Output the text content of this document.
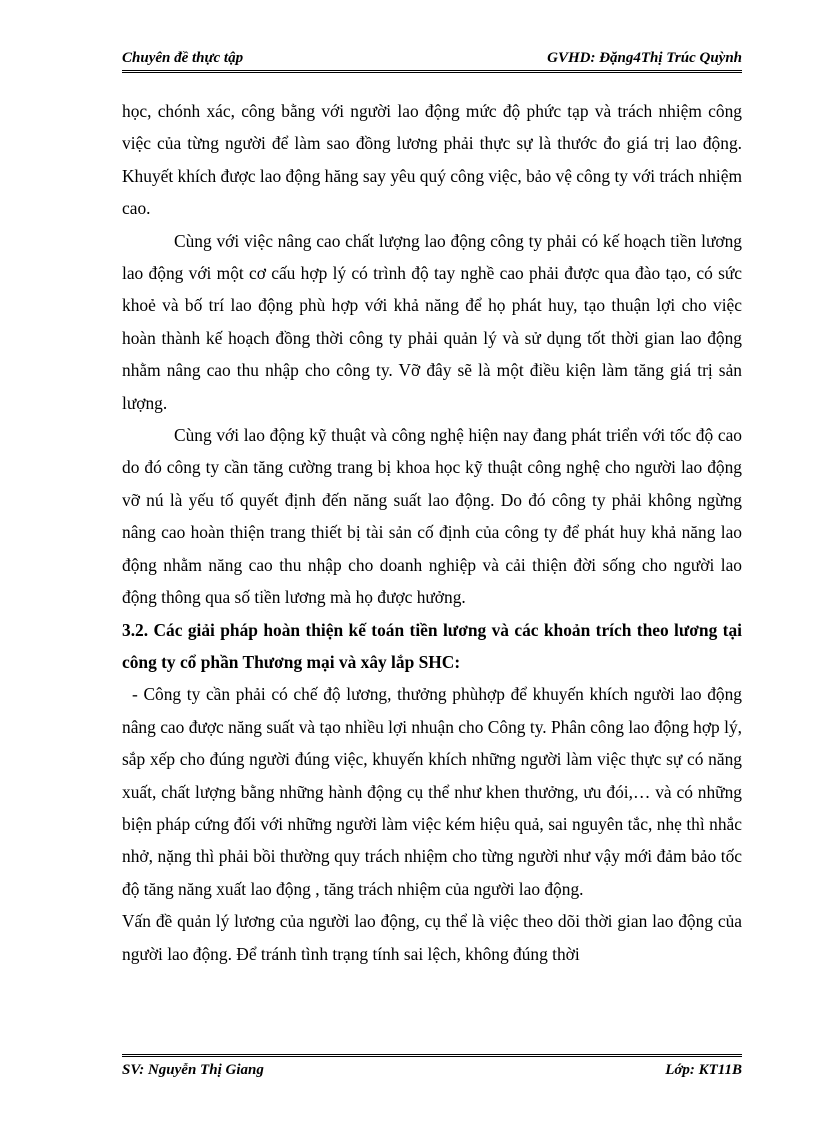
Chuyên đề thực tập	GVHD: Đặng4Thị Trúc Quỳnh

học, chónh xác, công bằng với người lao động mức độ phức tạp và trách nhiệm công việc của từng người để làm sao đồng lương phải thực sự là thước đo giá trị lao động. Khuyết khích được lao động hăng say yêu quý công việc, bảo vệ công ty với trách nhiệm cao.

Cùng với việc nâng cao chất lượng lao động công ty phải có kế hoạch tiền lương lao động với một cơ cấu hợp lý có trình độ tay nghề cao phải được qua đào tạo, có sức khoẻ và bố trí lao động phù hợp với khả năng để họ phát huy, tạo thuận lợi cho việc hoàn thành kế hoạch đồng thời công ty phải quản lý và sử dụng tốt thời gian lao động nhằm nâng cao thu nhập cho công ty. Vỡ đây sẽ là một điều kiện làm tăng giá trị sản lượng.

Cùng với lao động kỹ thuật và công nghệ hiện nay đang phát triển với tốc độ cao do đó công ty cần tăng cường trang bị khoa học kỹ thuật công nghệ cho người lao động vỡ nú là yếu tố quyết định đến năng suất lao động. Do đó công ty phải không ngừng nâng cao hoàn thiện trang thiết bị tài sản cố định của công ty để phát huy khả năng lao động nhằm năng cao thu nhập cho doanh nghiệp và cải thiện đời sống cho người lao động thông qua số tiền lương mà họ được hưởng.

3.2. Các giải pháp hoàn thiện kế toán tiền lương và các khoản trích theo lương tại công ty cổ phần Thương mại và xây lắp SHC:

- Công ty cần phải có chế độ lương, thưởng phùhợp để khuyến khích người lao động nâng cao được năng suất và tạo nhiều lợi nhuận cho Công ty. Phân công lao động hợp lý, sắp xếp cho đúng người đúng việc, khuyến khích những người làm việc thực sự có năng xuất, chất lượng bằng những hành động cụ thể như khen thưởng, ưu đói,… và có những biện pháp cứng đối với những người làm việc kém hiệu quả, sai nguyên tắc, nhẹ thì nhắc nhở, nặng thì phải bồi thường quy trách nhiệm cho từng người như vậy mới đảm bảo tốc độ tăng năng xuất lao động , tăng trách nhiệm của người lao động.

Vấn đề quản lý lương của người lao động, cụ thể là việc theo dõi thời gian lao động của người lao động. Để tránh tình trạng tính sai lệch, không đúng thời

SV: Nguyễn Thị Giang	Lớp: KT11B
